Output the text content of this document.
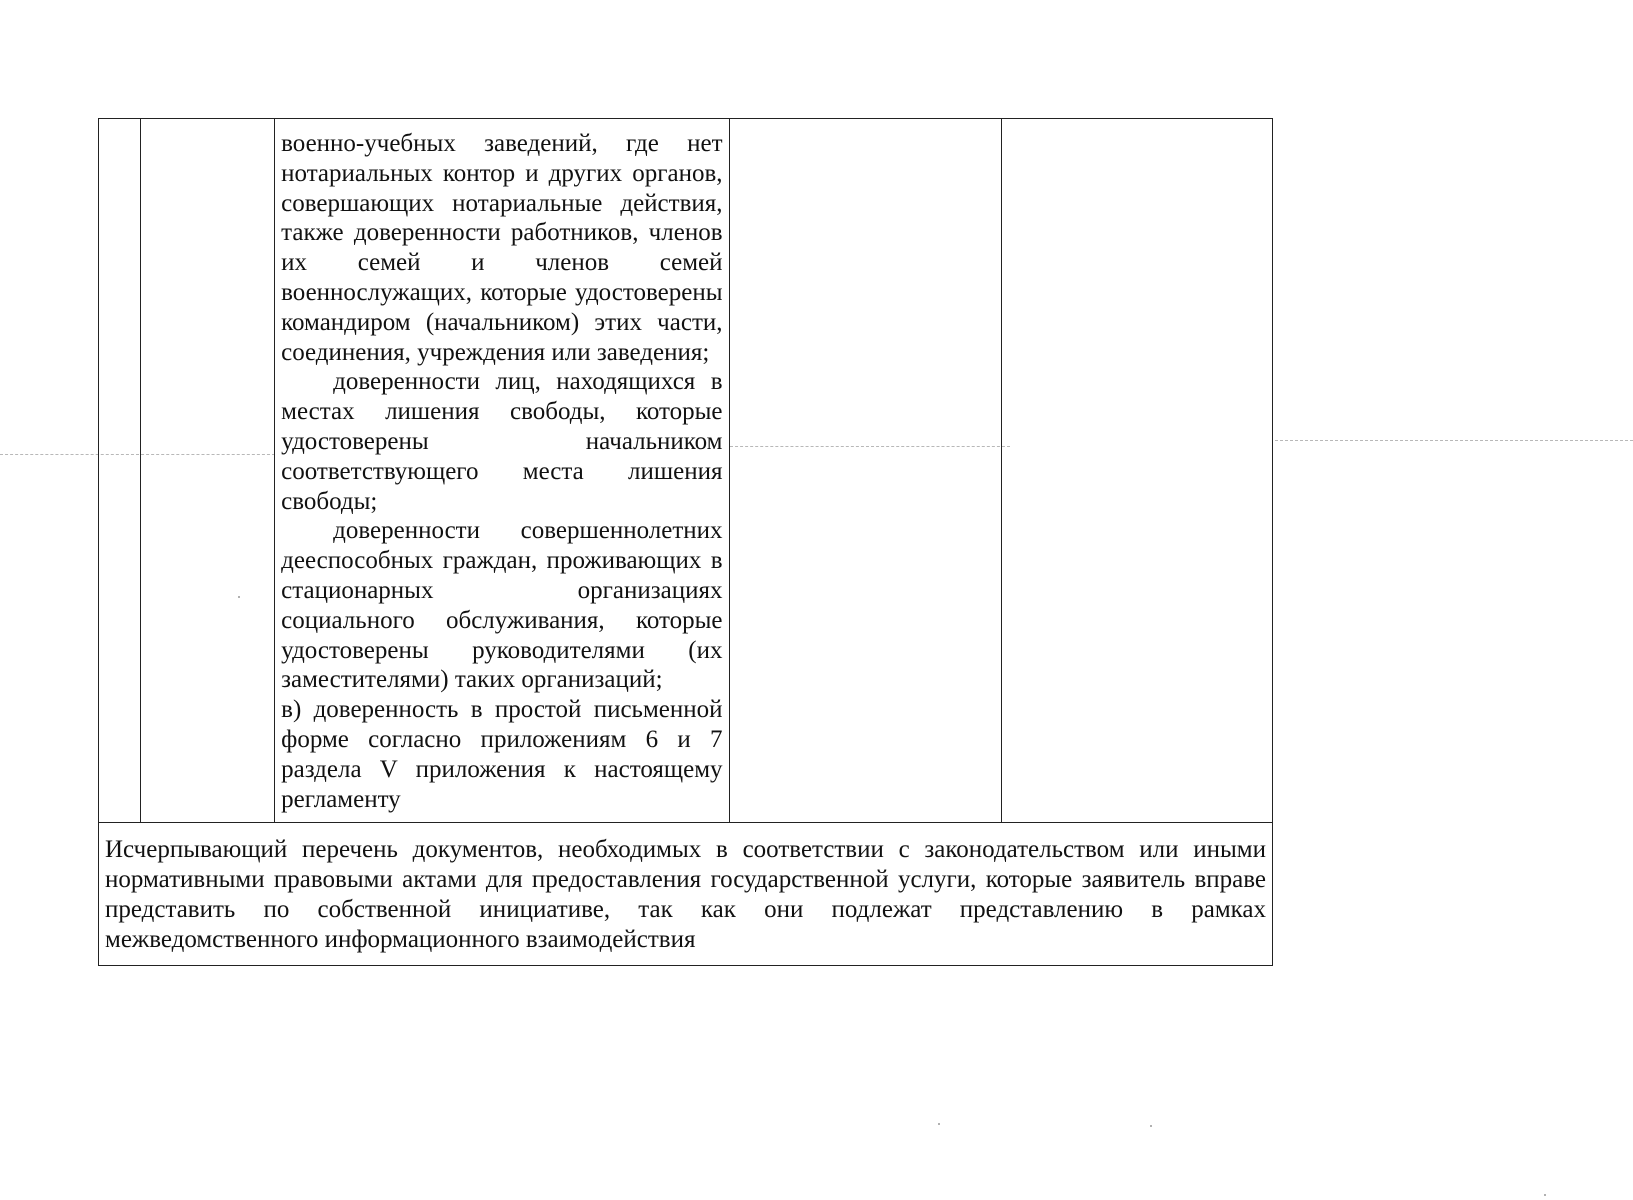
военно-учебных заведений, где нет нотариальных контор и других органов, совершающих нотариальные действия, также доверенности работников, членов их семей и членов семей военнослужащих, которые удостоверены командиром (начальником) этих части, соединения, учреждения или заведения;

доверенности лиц, находящихся в местах лишения свободы, которые удостоверены начальником соответствующего места лишения свободы;

доверенности совершеннолетних дееспособных граждан, проживающих в стационарных организациях социального обслуживания, которые удостоверены руководителями (их заместителями) таких организаций;

в) доверенность в простой письменной форме согласно приложениям 6 и 7 раздела V приложения к настоящему регламенту

Исчерпывающий перечень документов, необходимых в соответствии с законодательством или иными нормативными правовыми актами для предоставления государственной услуги, которые заявитель вправе представить по собственной инициативе, так как они подлежат представлению в рамках межведомственного информационного взаимодействия
